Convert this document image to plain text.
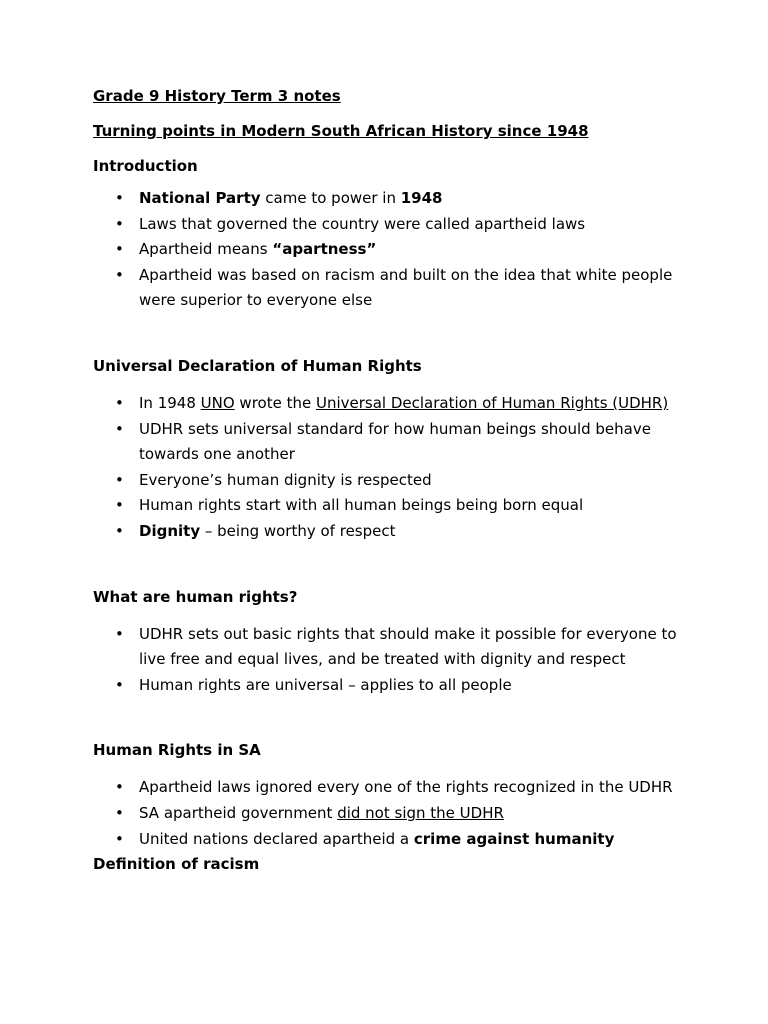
Grade 9 History Term 3 notes

Turning points in Modern South African History since 1948

Introduction

• National Party came to power in 1948
• Laws that governed the country were called apartheid laws
• Apartheid means “apartness”
• Apartheid was based on racism and built on the idea that white people were superior to everyone else

Universal Declaration of Human Rights

• In 1948 UNO wrote the Universal Declaration of Human Rights (UDHR)
• UDHR sets universal standard for how human beings should behave towards one another
• Everyone’s human dignity is respected
• Human rights start with all human beings being born equal
• Dignity – being worthy of respect

What are human rights?

• UDHR sets out basic rights that should make it possible for everyone to live free and equal lives, and be treated with dignity and respect
• Human rights are universal – applies to all people

Human Rights in SA

• Apartheid laws ignored every one of the rights recognized in the UDHR
• SA apartheid government did not sign the UDHR
• United nations declared apartheid a crime against humanity

Definition of racism
